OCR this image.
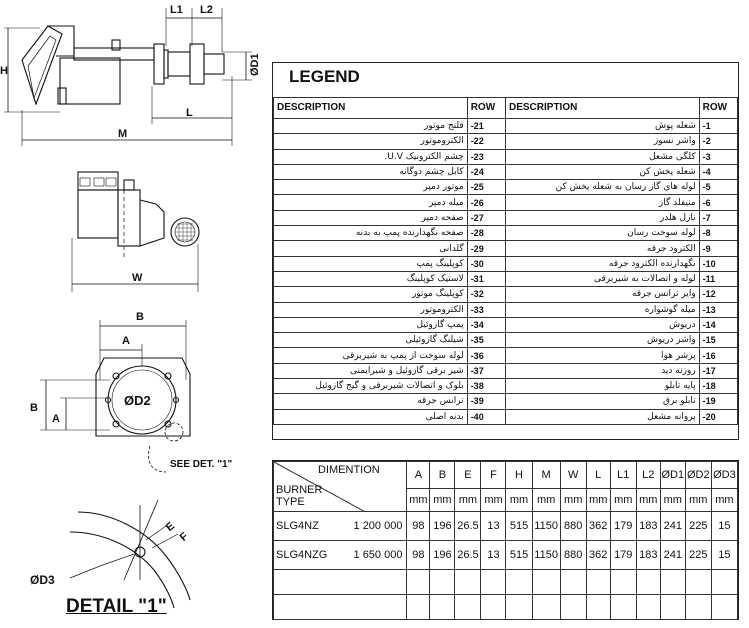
H
L1 L2
ØD1
L
M
W
B
A
B
A
ØD2
SEE DET. "1"
E
F
ØD3
DETAIL "1"
LEGEND
DESCRIPTION	ROW	DESCRIPTION	ROW
فلنج موتور	-21	شعله پوش	-1
الکتروموتور	-22	واشر نسوز	-2
چشم الکترونیک U.V.	-23	کلگی مشعل	-3
کابل چشم دوگانه	-24	شعله پخش کن	-4
موتور دمپر	-25	لوله های گاز رسان به شعله پخش کن	-5
میله دمپر	-26	منیفلد گاز	-6
صفحه دمپر	-27	نازل هلدر	-7
صفحه نگهدارنده پمپ به بدنه	-28	لوله سوخت رسان	-8
گلدانی	-29	الکترود جرقه	-9
کوپلینگ پمپ	-30	نگهدارنده الکترود جرقه	-10
لاستیک کوپلینگ	-31	لوله و اتصالات به شیربرقی	-11
کوپلینگ موتور	-32	وایر ترانس جرقه	-12
الکتروموتور	-33	میله گوشواره	-13
پمپ گازوئیل	-34	دریوش	-14
شیلنگ گازوئیلی	-35	واشر دریوش	-15
لوله سوخت از پمپ به شیربرقی	-36	پرشر هوا	-16
شیر برقی گازوئیل و شیرایمنی	-37	روزنه دید	-17
بلوک و اتصالات شیربرقی و گیج گازوئیل	-38	پایه تابلو	-18
ترانس جرقه	-39	تابلو برق	-19
بدنه اصلی	-40	پروانه مشعل	-20
DIMENTION
BURNER
TYPE	A	B	E	F	H	M	W	L	L1	L2	ØD1	ØD2	ØD3
	mm	mm	mm	mm	mm	mm	mm	mm	mm	mm	mm	mm	mm

SLG4NZ 1 200 000	98	196	26.5	13	515	1150	880	362	179	183	241	225	15

SLG4NZG 1 650 000	98	196	26.5	13	515	1150	880	362	179	183	241	225	15
